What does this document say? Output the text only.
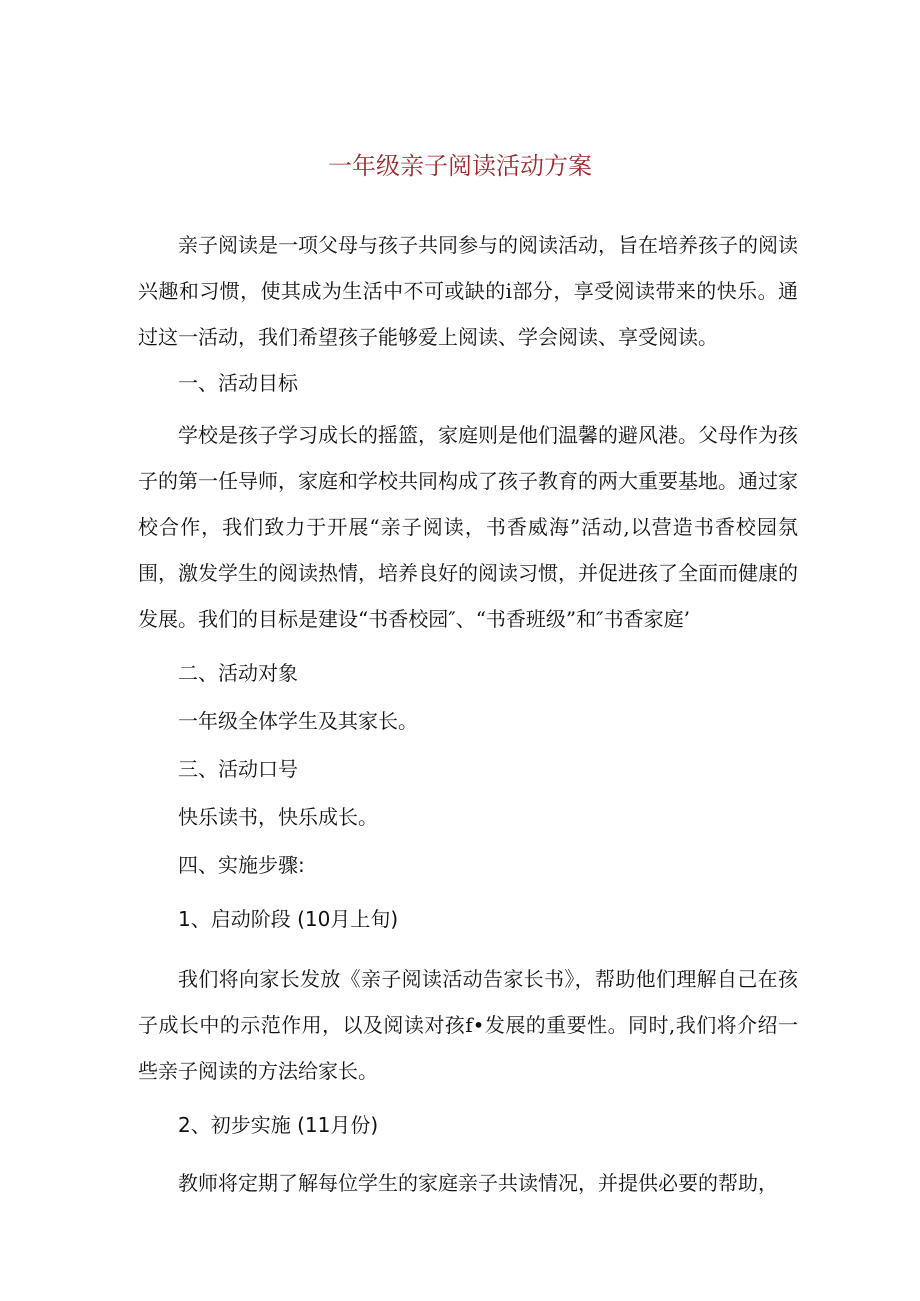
一年级亲子阅读活动方案
亲子阅读是一项父母与孩子共同参与的阅读活动，旨在培养孩子的阅读兴趣和习惯，使其成为生活中不可或缺的i部分，享受阅读带来的快乐。通过这一活动，我们希望孩子能够爱上阅读、学会阅读、享受阅读。
一、活动目标
学校是孩子学习成长的摇篮，家庭则是他们温馨的避风港。父母作为孩子的第一任导师，家庭和学校共同构成了孩子教育的两大重要基地。通过家校合作，我们致力于开展“亲子阅读，书香威海”活动,以营造书香校园氛围，激发学生的阅读热情，培养良好的阅读习惯，并促进孩了全面而健康的发展。我们的目标是建设“书香校园″、“书香班级”和″书香家庭’
二、活动对象
一年级全体学生及其家长。
三、活动口号
快乐读书，快乐成长。
四、实施步骤:
1、启动阶段 (10月上旬)
我们将向家长发放《亲子阅读活动告家长书》，帮助他们理解自己在孩子成长中的示范作用，以及阅读对孩f•发展的重要性。同时,我们将介绍一些亲子阅读的方法给家长。
2、初步实施 (11月份)
教师将定期了解每位学生的家庭亲子共读情况，并提供必要的帮助，
